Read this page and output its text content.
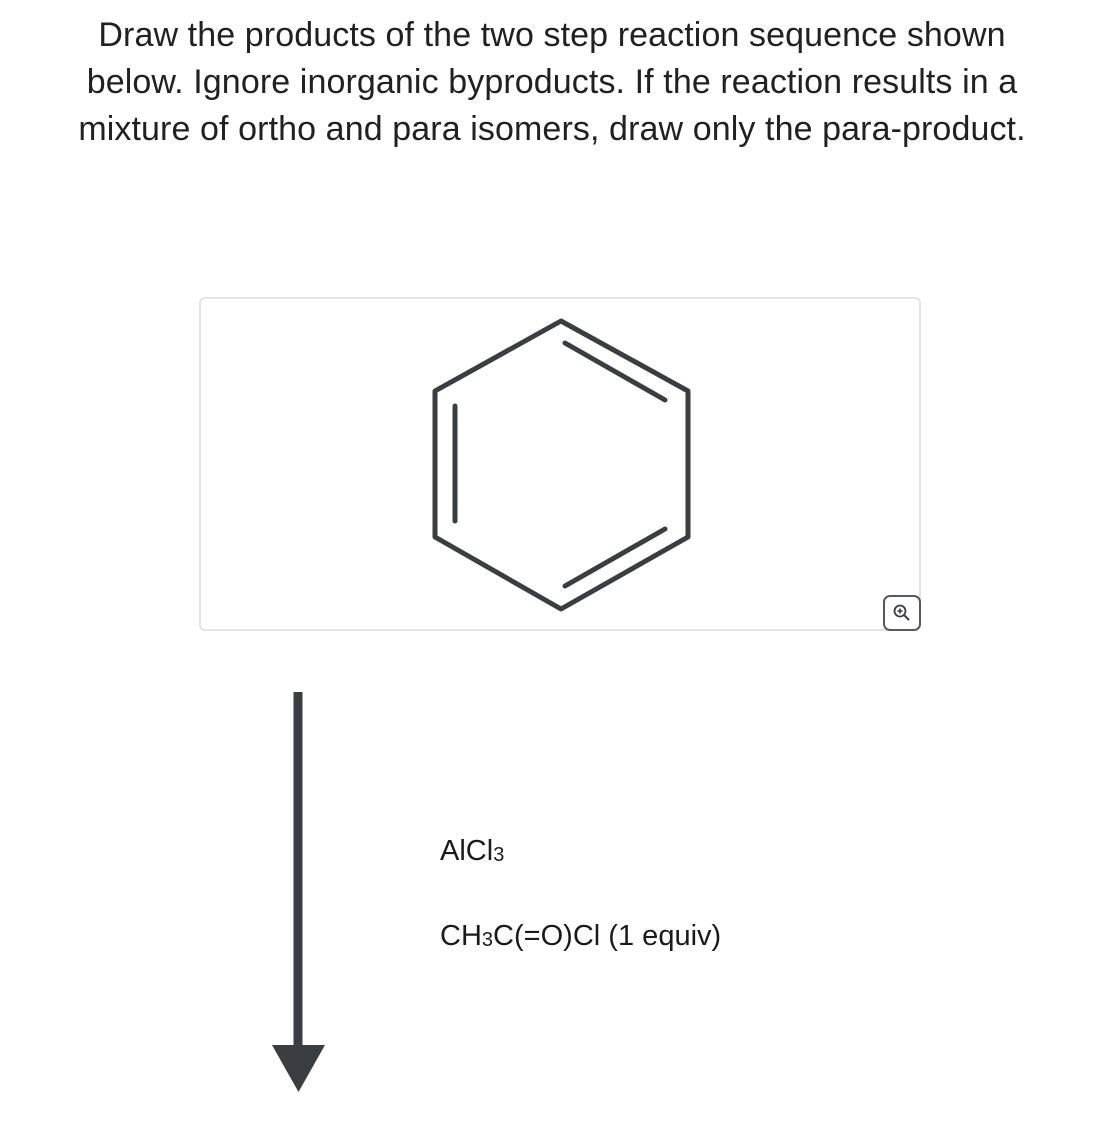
Draw the products of the two step reaction sequence shown
below. Ignore inorganic byproducts. If the reaction results in a
mixture of ortho and para isomers, draw only the para-product.
AlCl3
CH3C(=O)Cl (1 equiv)
